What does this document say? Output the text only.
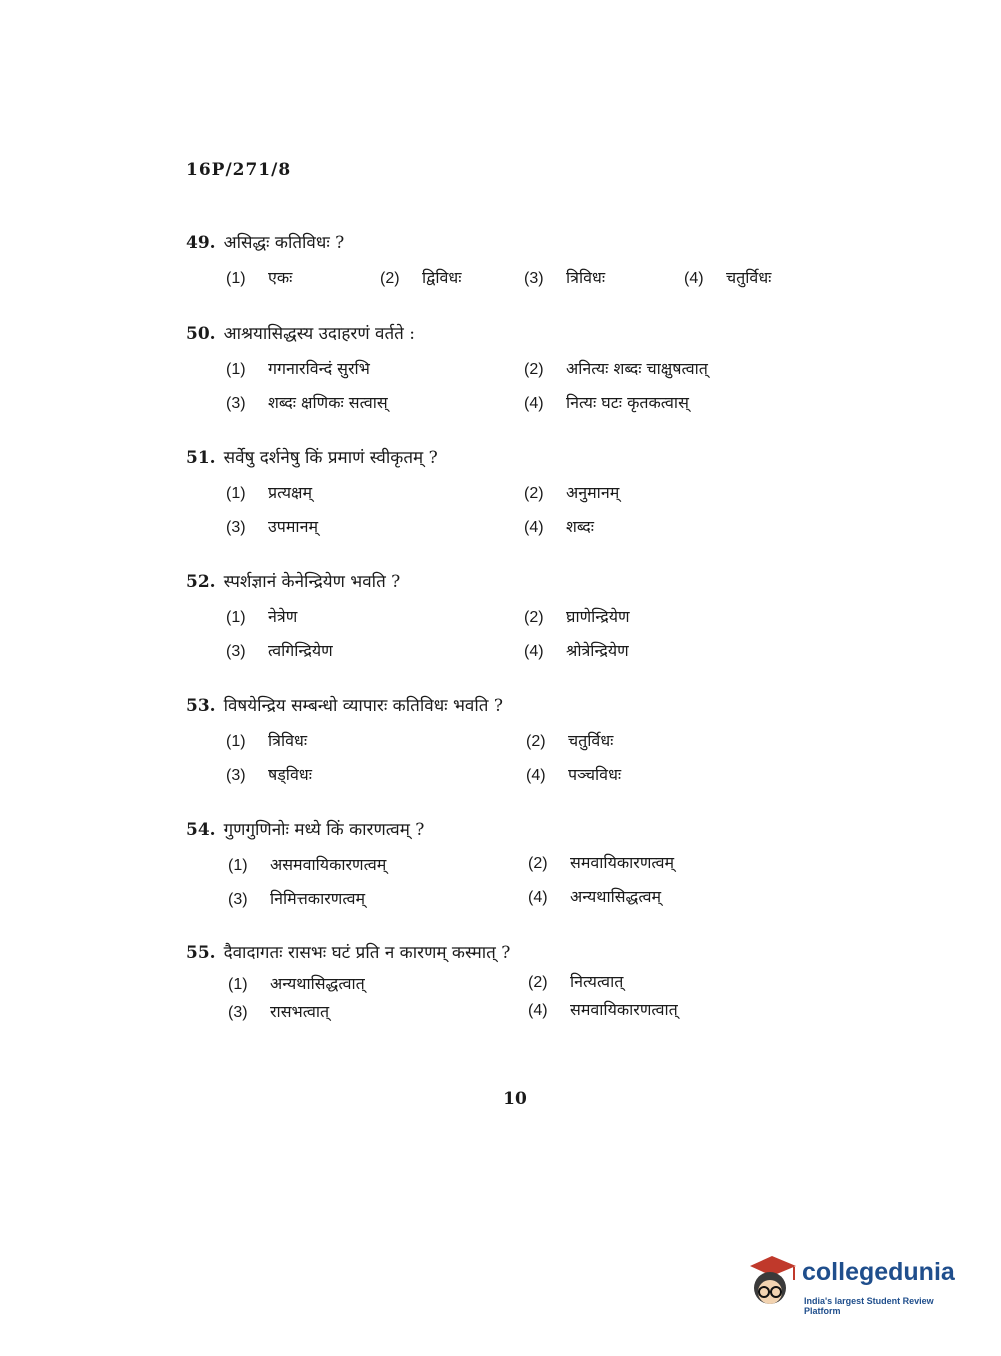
16P/271/8
49. असिद्धः कतिविधः ?
(1) एकः	(2) द्विविधः	(3) त्रिविधः	(4) चतुर्विधः
50. आश्रयासिद्धस्य उदाहरणं वर्तते :
(1) गगनारविन्दं सुरभि	(2) अनित्यः शब्दः चाक्षुषत्वात्
(3) शब्दः क्षणिकः सत्वास्	(4) नित्यः घटः कृतकत्वास्
51. सर्वेषु दर्शनेषु किं प्रमाणं स्वीकृतम् ?
(1) प्रत्यक्षम्	(2) अनुमानम्
(3) उपमानम्	(4) शब्दः
52. स्पर्शज्ञानं केनेन्द्रियेण भवति ?
(1) नेत्रेण	(2) घ्राणेन्द्रियेण
(3) त्वगिन्द्रियेण	(4) श्रोत्रेन्द्रियेण
53. विषयेन्द्रिय सम्बन्धो व्यापारः कतिविधः भवति ?
(1) त्रिविधः	(2) चतुर्विधः
(3) षड्विधः	(4) पञ्चविधः
54. गुणगुणिनोः मध्ये किं कारणत्वम् ?
(1) असमवायिकारणत्वम्	(2) समवायिकारणत्वम्
(3) निमित्तकारणत्वम्	(4) अन्यथासिद्धत्वम्
55. दैवादागतः रासभः घटं प्रति न कारणम् कस्मात् ?
(1) अन्यथासिद्धत्वात्	(2) नित्यत्वात्
(3) रासभत्वात्	(4) समवायिकारणत्वात्
10
collegedunia
India's largest Student Review Platform
